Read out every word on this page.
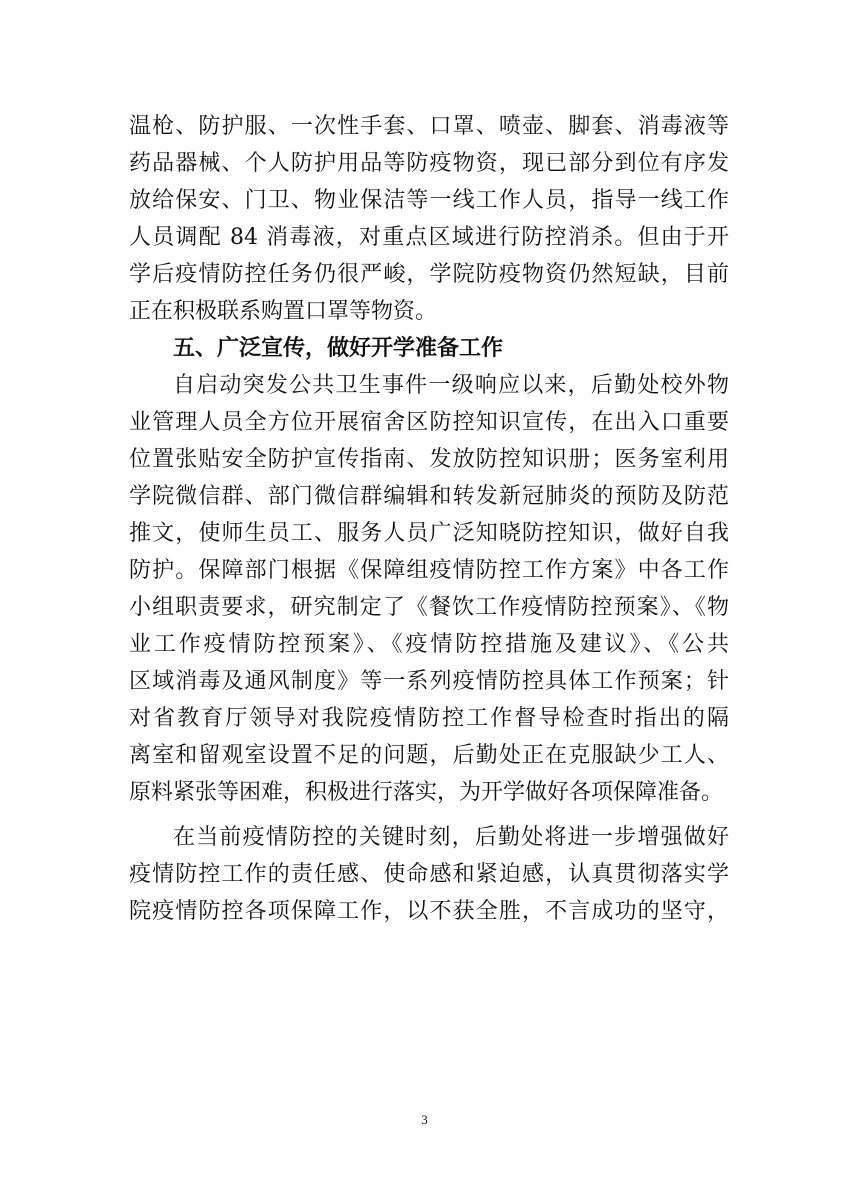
温枪、防护服、一次性手套、口罩、喷壶、脚套、消毒液等
药品器械、个人防护用品等防疫物资，现已部分到位有序发
放给保安、门卫、物业保洁等一线工作人员，指导一线工作
人员调配 84 消毒液，对重点区域进行防控消杀。但由于开
学后疫情防控任务仍很严峻，学院防疫物资仍然短缺，目前
正在积极联系购置口罩等物资。
五、广泛宣传，做好开学准备工作
自启动突发公共卫生事件一级响应以来，后勤处校外物
业管理人员全方位开展宿舍区防控知识宣传，在出入口重要
位置张贴安全防护宣传指南、发放防控知识册；医务室利用
学院微信群、部门微信群编辑和转发新冠肺炎的预防及防范
推文，使师生员工、服务人员广泛知晓防控知识，做好自我
防护。保障部门根据《保障组疫情防控工作方案》中各工作
小组职责要求，研究制定了《餐饮工作疫情防控预案》、《物
业工作疫情防控预案》、《疫情防控措施及建议》、《公共
区域消毒及通风制度》等一系列疫情防控具体工作预案；针
对省教育厅领导对我院疫情防控工作督导检查时指出的隔
离室和留观室设置不足的问题，后勤处正在克服缺少工人、
原料紧张等困难，积极进行落实，为开学做好各项保障准备。
在当前疫情防控的关键时刻，后勤处将进一步增强做好
疫情防控工作的责任感、使命感和紧迫感，认真贯彻落实学
院疫情防控各项保障工作，以不获全胜，不言成功的坚守，
3
